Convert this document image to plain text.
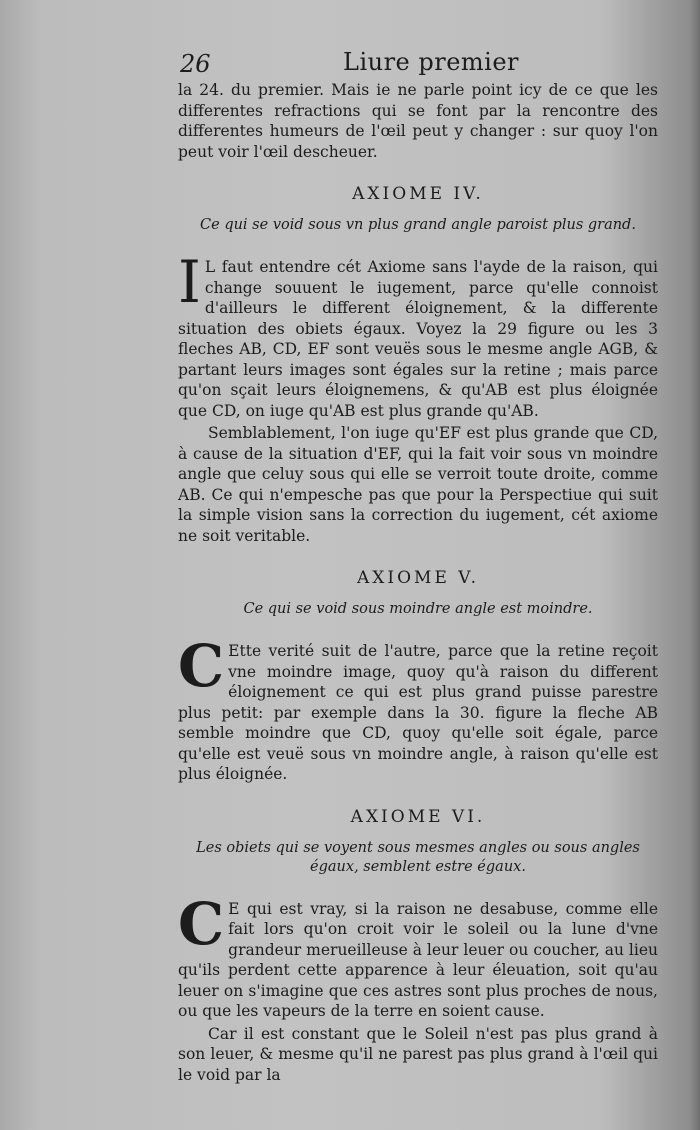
26	Liure premier

la 24. du premier. Mais ie ne parle point icy de ce que les differentes refractions qui se font par la rencontre des differentes humeurs de l'œil peut y changer : sur quoy l'on peut voir l'œil descheuer.

AXIOME IV.
Ce qui se void sous vn plus grand angle paroist plus grand.

I L faut entendre cét Axiome sans l'ayde de la raison, qui change souuent le iugement, parce qu'elle connoist d'ailleurs le different éloignement, & la differente situation des obiets égaux. Voyez la 29 figure ou les 3 fleches AB, CD, EF sont veuës sous le mesme angle AGB, & partant leurs images sont égales sur la retine ; mais parce qu'on sçait leurs éloignemens, & qu'AB est plus éloignée que CD, on iuge qu'AB est plus grande qu'AB.

Semblablement, l'on iuge qu'EF est plus grande que CD, à cause de la situation d'EF, qui la fait voir sous vn moindre angle que celuy sous qui elle se verroit toute droite, comme AB. Ce qui n'empesche pas que pour la Perspectiue qui suit la simple vision sans la correction du iugement, cét axiome ne soit veritable.

AXIOME V.
Ce qui se void sous moindre angle est moindre.

C Ette verité suit de l'autre, parce que la retine reçoit vne moindre image, quoy qu'à raison du different éloignement ce qui est plus grand puisse parestre plus petit: par exemple dans la 30. figure la fleche AB semble moindre que CD, quoy qu'elle soit égale, parce qu'elle est veuë sous vn moindre angle, à raison qu'elle est plus éloignée.

AXIOME VI.
Les obiets qui se voyent sous mesmes angles ou sous angles égaux, semblent estre égaux.

C E qui est vray, si la raison ne desabuse, comme elle fait lors qu'on croit voir le soleil ou la lune d'vne grandeur merueilleuse à leur leuer ou coucher, au lieu qu'ils perdent cette apparence à leur éleuation, soit qu'au leuer on s'imagine que ces astres sont plus proches de nous, ou que les vapeurs de la terre en soient cause.

Car il est constant que le Soleil n'est pas plus grand à son leuer, & mesme qu'il ne parest pas plus grand à l'œil qui le void par la
